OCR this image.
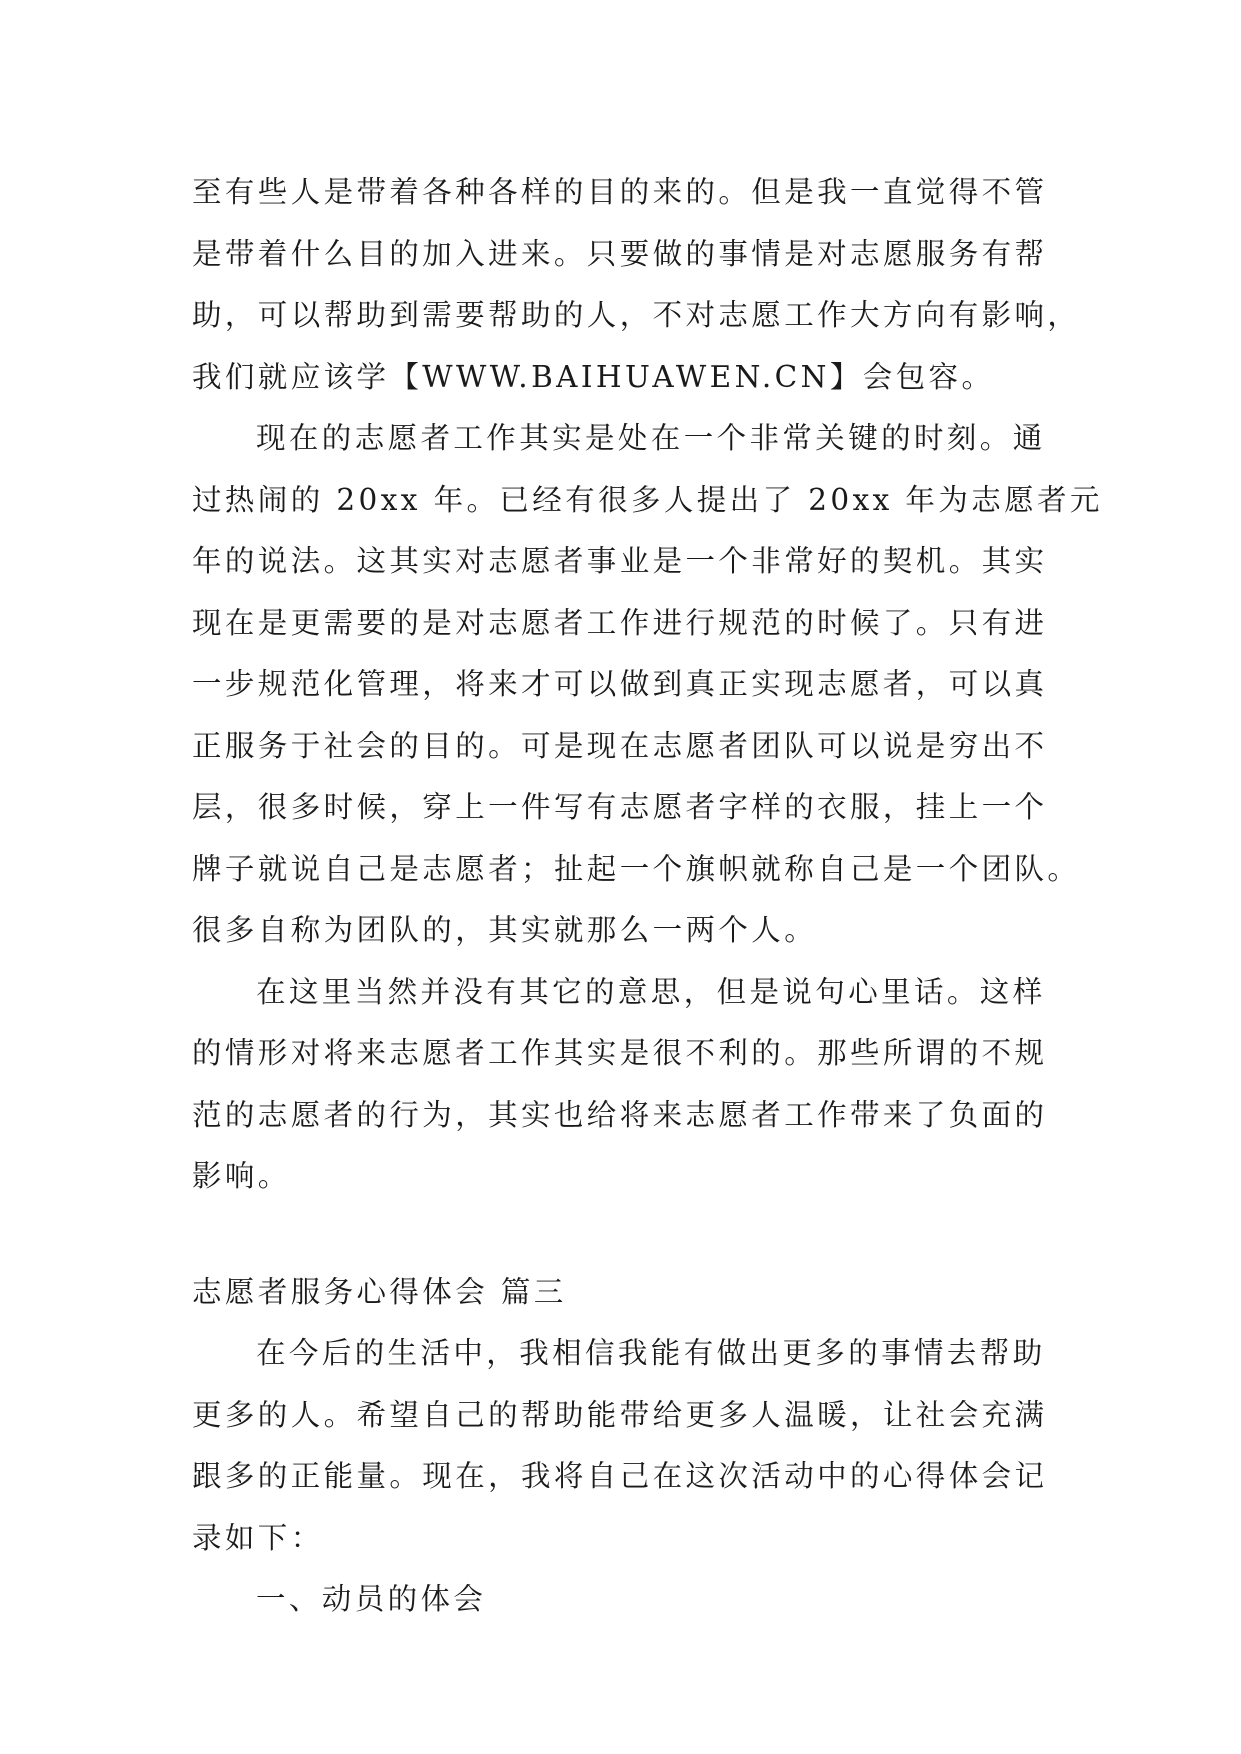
至有些人是带着各种各样的目的来的。但是我一直觉得不管
是带着什么目的加入进来。只要做的事情是对志愿服务有帮
助，可以帮助到需要帮助的人，不对志愿工作大方向有影响，
我们就应该学【WWW.BAIHUAWEN.CN】会包容。
现在的志愿者工作其实是处在一个非常关键的时刻。通
过热闹的 20xx 年。已经有很多人提出了 20xx 年为志愿者元
年的说法。这其实对志愿者事业是一个非常好的契机。其实
现在是更需要的是对志愿者工作进行规范的时候了。只有进
一步规范化管理，将来才可以做到真正实现志愿者，可以真
正服务于社会的目的。可是现在志愿者团队可以说是穷出不
层，很多时候，穿上一件写有志愿者字样的衣服，挂上一个
牌子就说自己是志愿者；扯起一个旗帜就称自己是一个团队。
很多自称为团队的，其实就那么一两个人。
在这里当然并没有其它的意思，但是说句心里话。这样
的情形对将来志愿者工作其实是很不利的。那些所谓的不规
范的志愿者的行为，其实也给将来志愿者工作带来了负面的
影响。
志愿者服务心得体会 篇三
在今后的生活中，我相信我能有做出更多的事情去帮助
更多的人。希望自己的帮助能带给更多人温暖，让社会充满
跟多的正能量。现在，我将自己在这次活动中的心得体会记
录如下：
一、动员的体会
